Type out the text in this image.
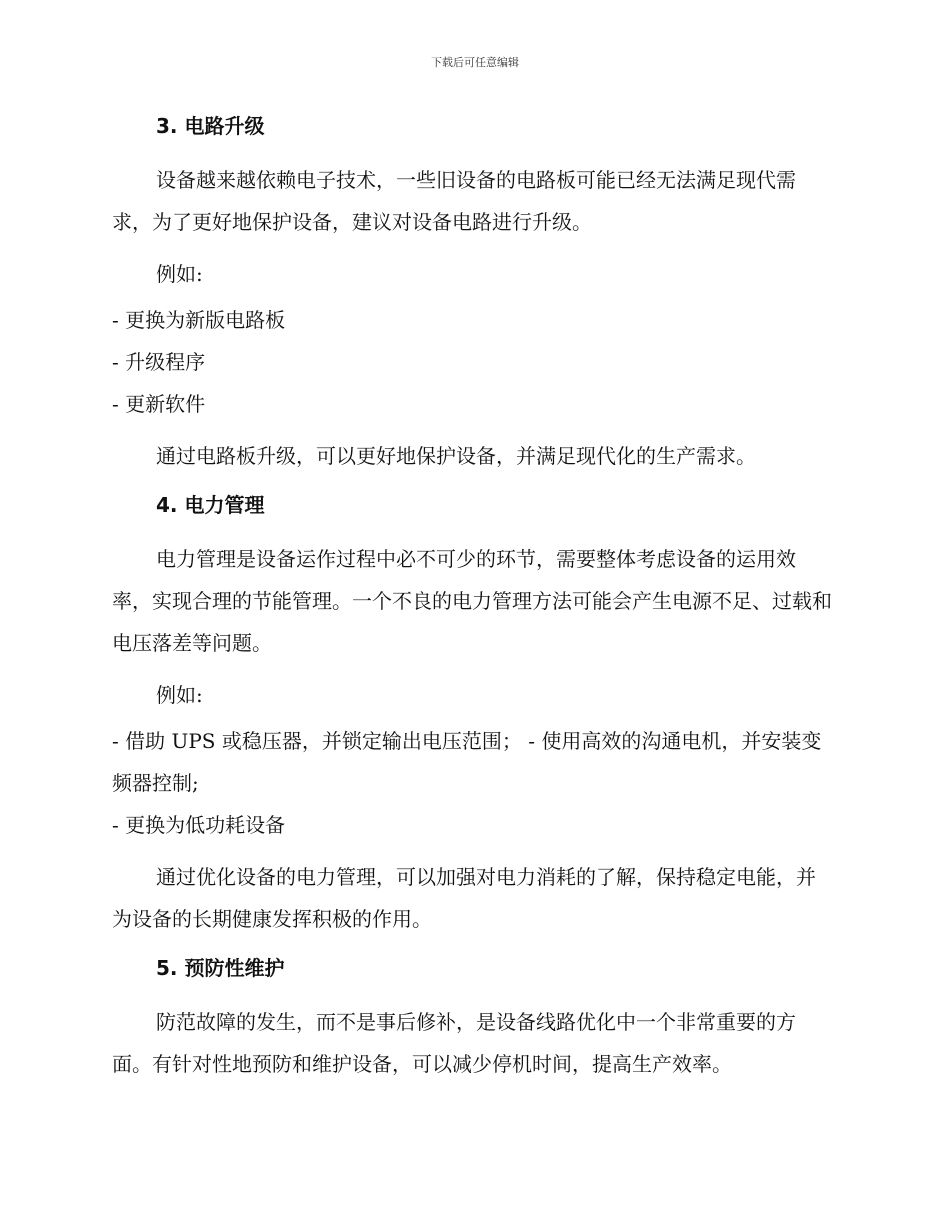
下载后可任意编辑
3. 电路升级

设备越来越依赖电子技术，一些旧设备的电路板可能已经无法满足现代需求，为了更好地保护设备，建议对设备电路进行升级。

例如:

- 更换为新版电路板
- 升级程序
- 更新软件

通过电路板升级，可以更好地保护设备，并满足现代化的生产需求。

4. 电力管理

电力管理是设备运作过程中必不可少的环节，需要整体考虑设备的运用效率，实现合理的节能管理。一个不良的电力管理方法可能会产生电源不足、过载和电压落差等问题。

例如:

- 借助 UPS 或稳压器，并锁定输出电压范围； - 使用高效的沟通电机，并安装变频器控制;
- 更换为低功耗设备

通过优化设备的电力管理，可以加强对电力消耗的了解，保持稳定电能，并为设备的长期健康发挥积极的作用。

5. 预防性维护

防范故障的发生，而不是事后修补，是设备线路优化中一个非常重要的方面。有针对性地预防和维护设备，可以减少停机时间，提高生产效率。
